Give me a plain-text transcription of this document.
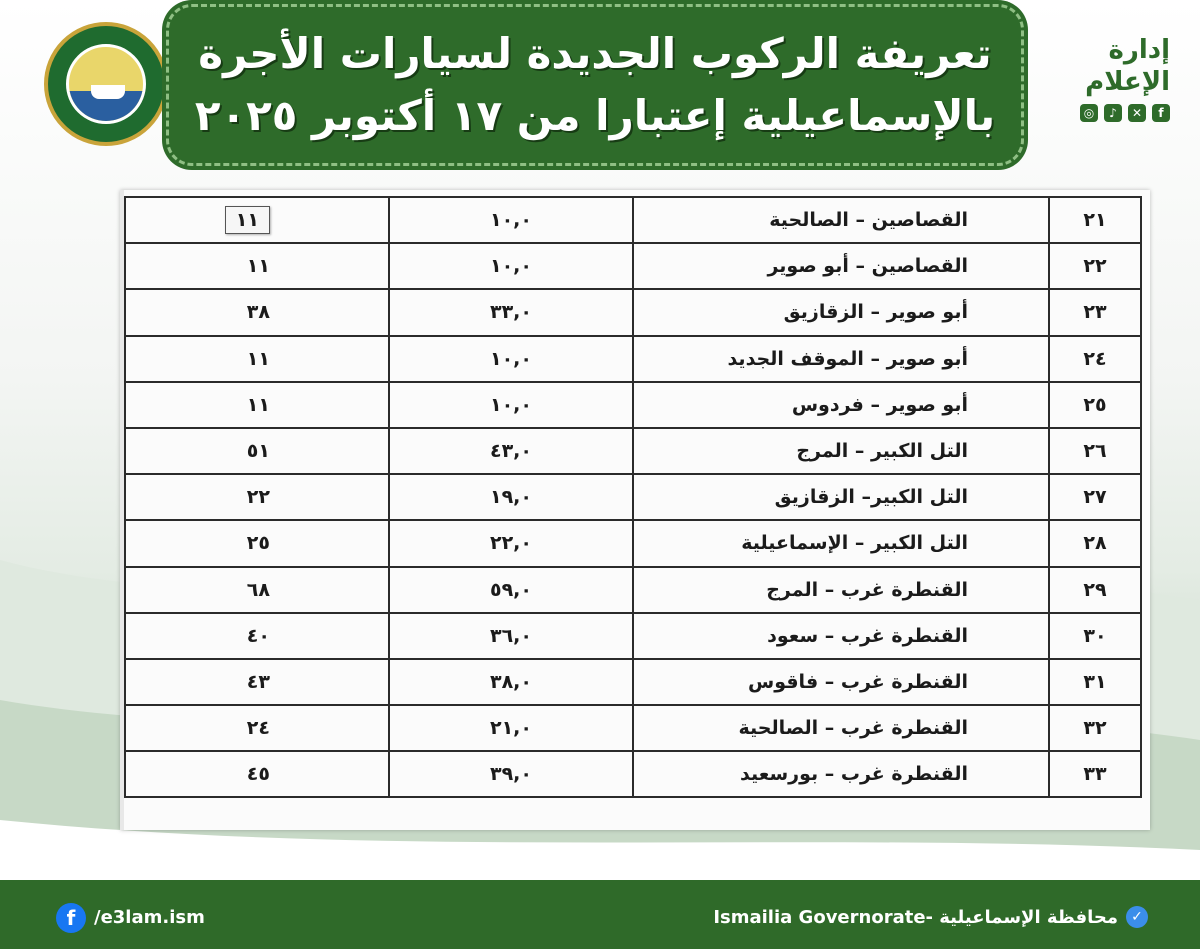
تعريفة الركوب الجديدة لسيارات الأجرة
بالإسماعيلية إعتبارا من ١٧ أكتوبر ٢٠٢٥
إدارة
الإعلام
◎	♪	✕	f
٢١	القصاصين – الصالحية	١٠,٠	١١
٢٢	القصاصين – أبو صوير	١٠,٠	١١
٢٣	أبو صوير – الزقازيق	٣٣,٠	٣٨
٢٤	أبو صوير – الموقف الجديد	١٠,٠	١١
٢٥	أبو صوير – فردوس	١٠,٠	١١
٢٦	التل الكبير – المرج	٤٣,٠	٥١
٢٧	التل الكبير– الزقازيق	١٩,٠	٢٢
٢٨	التل الكبير – الإسماعيلية	٢٢,٠	٢٥
٢٩	القنطرة غرب – المرج	٥٩,٠	٦٨
٣٠	القنطرة غرب – سعود	٣٦,٠	٤٠
٣١	القنطرة غرب – فاقوس	٣٨,٠	٤٣
٣٢	القنطرة غرب – الصالحية	٢١,٠	٢٤
٣٣	القنطرة غرب – بورسعيد	٣٩,٠	٤٥
f	/e3lam.ism	Ismailia Governorate- محافظة الإسماعيلية ✓
